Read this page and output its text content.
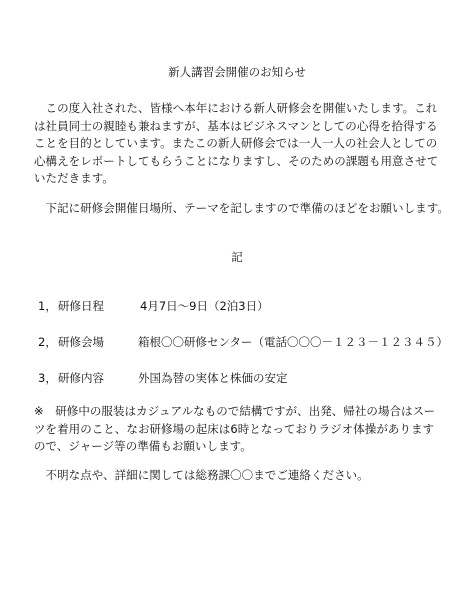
新人講習会開催のお知らせ
　この度入社された、皆様へ本年における新人研修会を開催いたします。これ
は社員同士の親睦も兼ねますが、基本はビジネスマンとしての心得を拾得する
ことを目的としています。またこの新人研修会では一人一人の社会人としての
心構えをレポートしてもらうことになりますし、そのための課題も用意させて
いただきます。
　下記に研修会開催日場所、テーマを記しますので準備のほどをお願いします。
記
1，研修日程	4月7日～9日（2泊3日）
2，研修会場	箱根〇〇研修センター（電話〇〇〇－１２３－１２３４５）
3，研修内容	外国為替の実体と株価の安定
※　研修中の服装はカジュアルなもので結構ですが、出発、帰社の場合はスー
ツを着用のこと、なお研修場の起床は6時となっておりラジオ体操があります
ので、ジャージ等の準備もお願いします。
　不明な点や、詳細に関しては総務課〇〇までご連絡ください。
